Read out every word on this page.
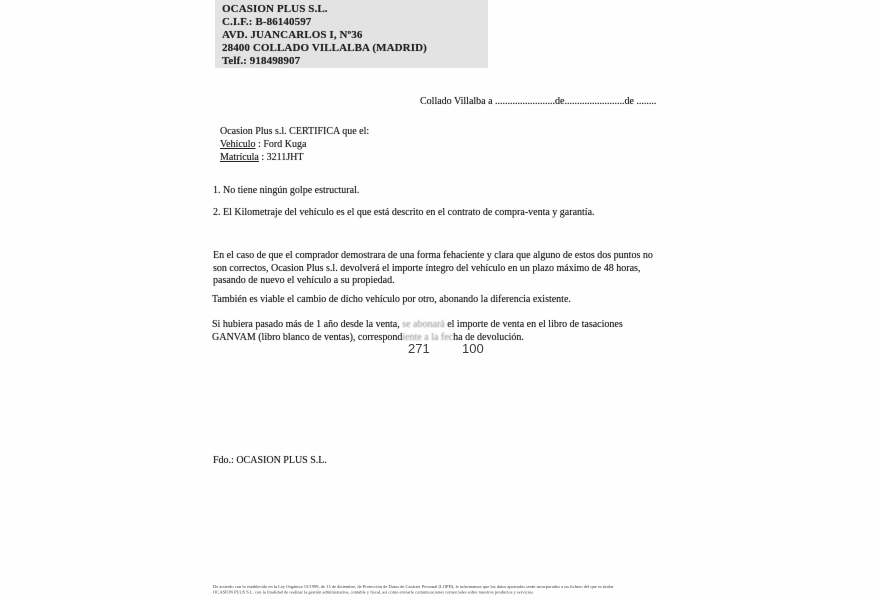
OCASION PLUS S.L.
C.I.F.: B-86140597
AVD. JUANCARLOS I, Nº36
28400 COLLADO VILLALBA (MADRID)
Telf.: 918498907
Collado Villalba a ........................de........................de ........
Ocasion Plus s.l. CERTIFICA que el:
Vehículo : Ford Kuga
Matrícula : 3211JHT
1. No tiene ningún golpe estructural.
2. El Kilometraje del vehículo es el que está descrito en el contrato de compra-venta y garantía.
En el caso de que el comprador demostrara de una forma fehaciente y clara que alguno de estos dos puntos no
son correctos, Ocasion Plus s.l. devolverá el importe íntegro del vehículo en un plazo máximo de 48 horas,
pasando de nuevo el vehículo a su propiedad.
También es viable el cambio de dicho vehículo por otro, abonando la diferencia existente.
Si hubiera pasado más de 1 año desde la venta, se abonará el importe de venta en el libro de tasaciones
GANVAM (libro blanco de ventas), correspondiente a la fecha de devolución.
271 100
Fdo.: OCASION PLUS S.L.
De acuerdo con lo establecido en la Ley Orgánica 15/1999, de 13 de diciembre, de Protección de Datos de Carácter Personal (LOPD), le informamos que los datos aportados serán incorporados a un fichero del que es titular
OCASION PLUS S.L. con la finalidad de realizar la gestión administrativa, contable y fiscal, así como enviarle comunicaciones comerciales sobre nuestros productos y servicios.
